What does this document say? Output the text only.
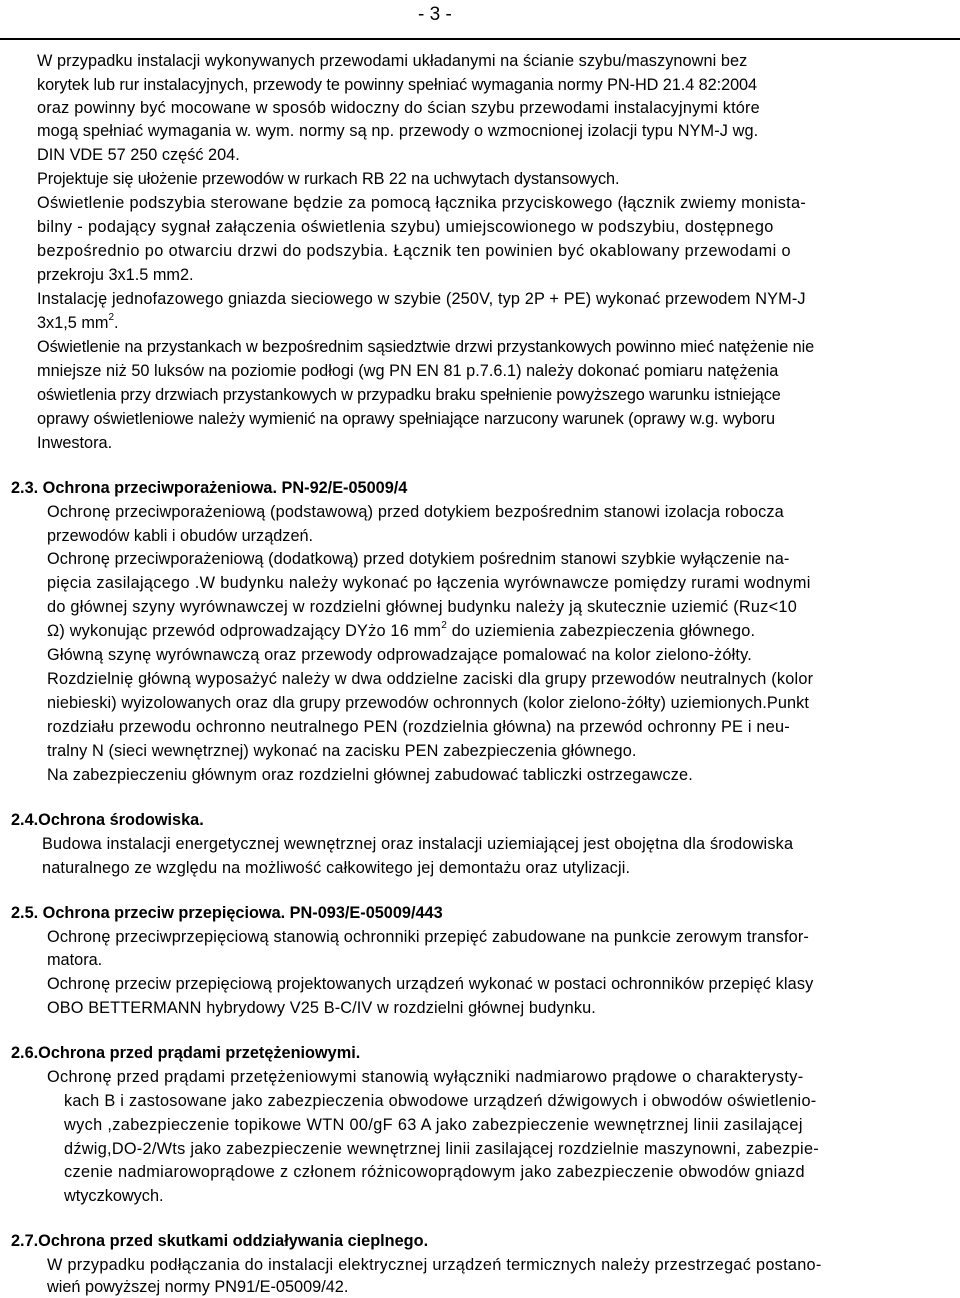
- 3 -
W przypadku instalacji wykonywanych przewodami układanymi na ścianie szybu/maszynowni bez
korytek lub rur instalacyjnych, przewody te powinny spełniać wymagania normy PN-HD 21.4 82:2004
oraz powinny być mocowane w sposób widoczny do ścian szybu przewodami instalacyjnymi które
mogą spełniać wymagania w. wym. normy są np. przewody o wzmocnionej izolacji typu NYM-J wg.
DIN VDE 57 250 część 204.
Projektuje się ułożenie przewodów w rurkach RB 22 na uchwytach dystansowych.
Oświetlenie podszybia sterowane będzie za pomocą łącznika przyciskowego (łącznik zwiemy monista-
bilny - podający sygnał załączenia oświetlenia szybu) umiejscowionego w podszybiu, dostępnego
bezpośrednio po otwarciu drzwi do podszybia. Łącznik ten powinien być okablowany przewodami o
przekroju 3x1.5 mm2.
Instalację jednofazowego gniazda sieciowego w szybie (250V, typ 2P + PE) wykonać przewodem NYM-J
3x1,5 $mm^2$.
Oświetlenie na przystankach w bezpośrednim sąsiedztwie drzwi przystankowych powinno mieć natężenie nie
mniejsze niż 50 luksów na poziomie podłogi (wg PN EN 81 p.7.6.1) należy dokonać pomiaru natężenia
oświetlenia przy drzwiach przystankowych w przypadku braku spełnienie powyższego warunku istniejące
oprawy oświetleniowe należy wymienić na oprawy spełniające narzucony warunek (oprawy w.g. wyboru
Inwestora.
2.3. Ochrona przeciwporażeniowa. PN-92/E-05009/4
Ochronę przeciwporażeniową (podstawową) przed dotykiem bezpośrednim stanowi izolacja robocza
przewodów kabli i obudów urządzeń.
Ochronę przeciwporażeniową (dodatkową) przed dotykiem pośrednim stanowi szybkie wyłączenie na-
pięcia zasilającego .W budynku należy wykonać po łączenia wyrównawcze pomiędzy rurami wodnymi
do głównej szyny wyrównawczej w rozdzielni głównej budynku należy ją skutecznie uziemić (Ruz<10
Ω) wykonując przewód odprowadzający DYżo 16 $mm^2$ do uziemienia zabezpieczenia głównego.
Główną szynę wyrównawczą oraz przewody odprowadzające pomalować na kolor zielono-żółty.
Rozdzielnię główną wyposażyć należy w dwa oddzielne zaciski dla grupy przewodów neutralnych (kolor
niebieski) wyizolowanych oraz dla grupy przewodów ochronnych (kolor zielono-żółty) uziemionych.Punkt
rozdziału przewodu ochronno neutralnego PEN (rozdzielnia główna) na przewód ochronny PE i neu-
tralny N (sieci wewnętrznej) wykonać na zacisku PEN zabezpieczenia głównego.
Na zabezpieczeniu głównym oraz rozdzielni głównej zabudować tabliczki ostrzegawcze.
2.4.Ochrona środowiska.
Budowa instalacji energetycznej wewnętrznej oraz instalacji uziemiającej jest obojętna dla środowiska
naturalnego ze względu na możliwość całkowitego jej demontażu oraz utylizacji.
2.5. Ochrona przeciw przepięciowa. PN-093/E-05009/443
Ochronę przeciwprzepięciową stanowią ochronniki przepięć zabudowane na punkcie zerowym transfor-
matora.
Ochronę przeciw przepięciową projektowanych urządzeń wykonać w postaci ochronników przepięć klasy
OBO BETTERMANN hybrydowy V25 B-C/IV w rozdzielni głównej budynku.
2.6.Ochrona przed prądami przetężeniowymi.
Ochronę przed prądami przetężeniowymi stanowią wyłączniki nadmiarowo prądowe o charakterysty-
kach B i zastosowane jako zabezpieczenia obwodowe urządzeń dźwigowych i obwodów oświetlenio-
wych ,zabezpieczenie topikowe WTN 00/gF 63 A jako zabezpieczenie wewnętrznej linii zasilającej
dźwig,DO-2/Wts jako zabezpieczenie wewnętrznej linii zasilającej rozdzielnie maszynowni, zabezpie-
czenie nadmiarowoprądowe z członem różnicowoprądowym jako zabezpieczenie obwodów gniazd
wtyczkowych.
2.7.Ochrona przed skutkami oddziaływania cieplnego.
W przypadku podłączania do instalacji elektrycznej urządzeń termicznych należy przestrzegać postano-
wień powyższej normy PN91/E-05009/42.
